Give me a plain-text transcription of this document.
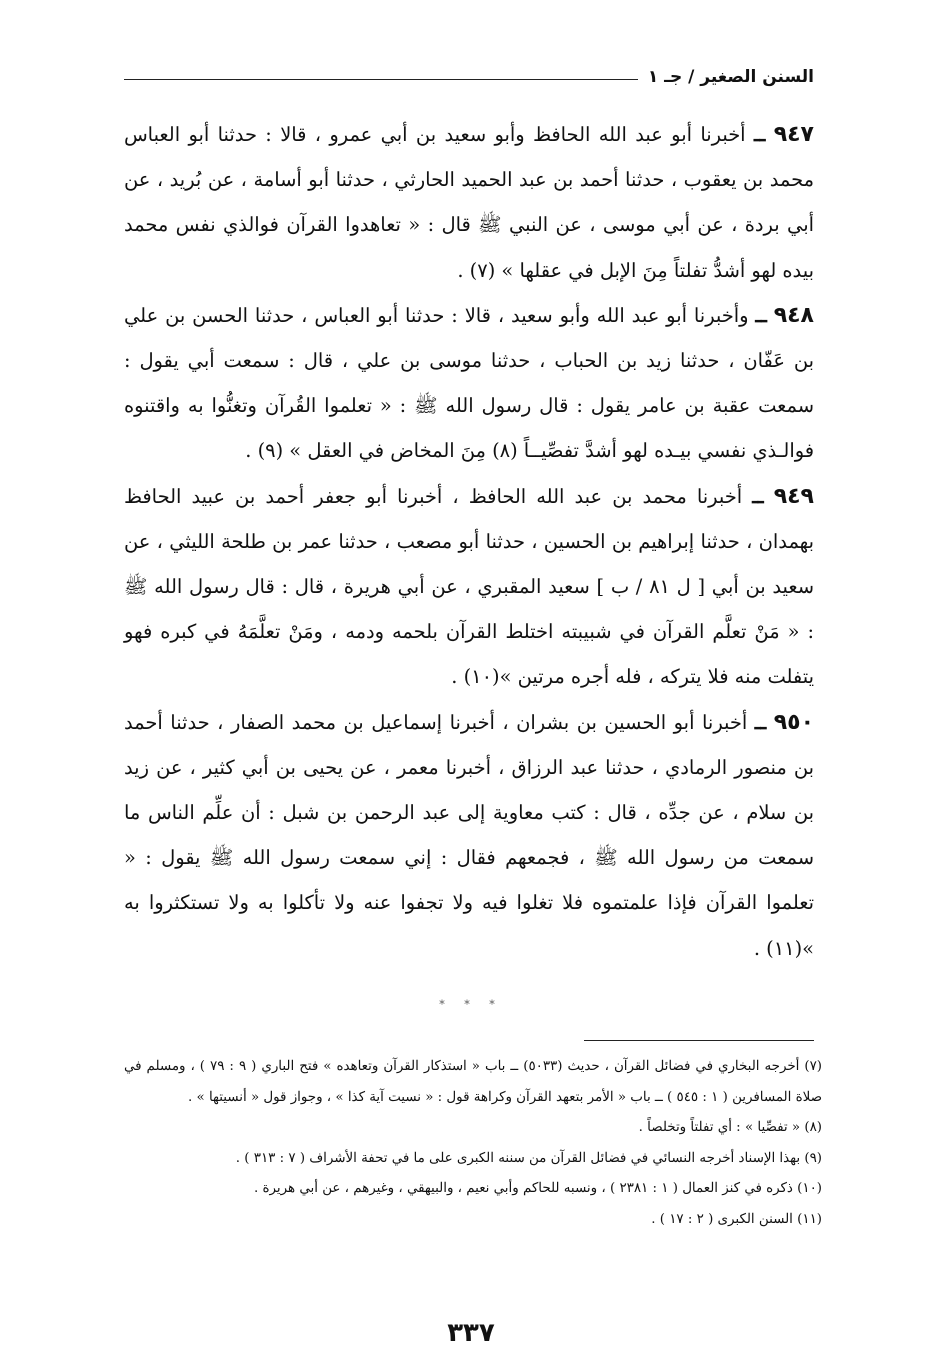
السنن الصغير / جـ ١

٩٤٧ ــ أخبرنا أبو عبد الله الحافظ وأبو سعيد بن أبي عمرو ، قالا : حدثنا أبو العباس محمد بن يعقوب ، حدثنا أحمد بن عبد الحميد الحارثي ، حدثنا أبو أسامة ، عن بُريد ، عن أبي بردة ، عن أبي موسى ، عن النبي ﷺ قال : « تعاهدوا القرآن فوالذي نفس محمد بيده لهو أشدُّ تفلتاً مِنَ الإبل في عقلها » (٧) .

٩٤٨ ــ وأخبرنا أبو عبد الله وأبو سعيد ، قالا : حدثنا أبو العباس ، حدثنا الحسن بن علي بن عَفّان ، حدثنا زيد بن الحباب ، حدثنا موسى بن علي ، قال : سمعت أبي يقول : سمعت عقبة بن عامر يقول : قال رسول الله ﷺ : « تعلموا القُرآن وتغنُّوا به واقتنوه فوالـذي نفسي بيـده لهو أشدَّ تفصِّيــاً (٨) مِنَ المخاض في العقل » (٩) .

٩٤٩ ــ أخبرنا محمد بن عبد الله الحافظ ، أخبرنا أبو جعفر أحمد بن عبيد الحافظ بهمدان ، حدثنا إبراهيم بن الحسين ، حدثنا أبو مصعب ، حدثنا عمر بن طلحة الليثي ، عن سعيد بن أبي [ ل ٨١ / ب ] سعيد المقبري ، عن أبي هريرة ، قال : قال رسول الله ﷺ : « مَنْ تعلَّم القرآن في شبيبته اختلط القرآن بلحمه ودمه ، ومَنْ تعلَّمَهُ في كبره فهو يتفلت منه فلا يتركه ، فله أجره مرتين »(١٠) .

٩٥٠ ــ أخبرنا أبو الحسين بن بشران ، أخبرنا إسماعيل بن محمد الصفار ، حدثنا أحمد بن منصور الرمادي ، حدثنا عبد الرزاق ، أخبرنا معمر ، عن يحيى بن أبي كثير ، عن زيد بن سلام ، عن جدِّه ، قال : كتب معاوية إلى عبد الرحمن بن شبل : أن علِّم الناس ما سمعت من رسول الله ﷺ ، فجمعهم فقال : إني سمعت رسول الله ﷺ يقول : « تعلموا القرآن فإذا علمتموه فلا تغلوا فيه ولا تجفوا عنه ولا تأكلوا به ولا تستكثروا به »(١١) .

* * *

(٧) أخرجه البخاري في فضائل القرآن ، حديث (٥٠٣٣) ــ باب « استذكار القرآن وتعاهده » فتح الباري ( ٩ : ٧٩ ) ، ومسلم في صلاة المسافرين ( ١ : ٥٤٥ ) ــ باب « الأمر بتعهد القرآن وكراهة قول : « نسيت آية كذا » ، وجواز قول « أنسيتها » .

(٨) « تفصِّيا » : أي تفلتاً وتخلصاً .

(٩) بهذا الإسناد أخرجه النسائي في فضائل القرآن من سننه الكبرى على ما في تحفة الأشراف ( ٧ : ٣١٣ ) .

(١٠) ذكره في كنز العمال ( ١ : ٢٣٨١ ) ، ونسبه للحاكم وأبي نعيم ، والبيهقي ، وغيرهم ، عن أبي هريرة .

(١١) السنن الكبرى ( ٢ : ١٧ ) .

٣٣٧
